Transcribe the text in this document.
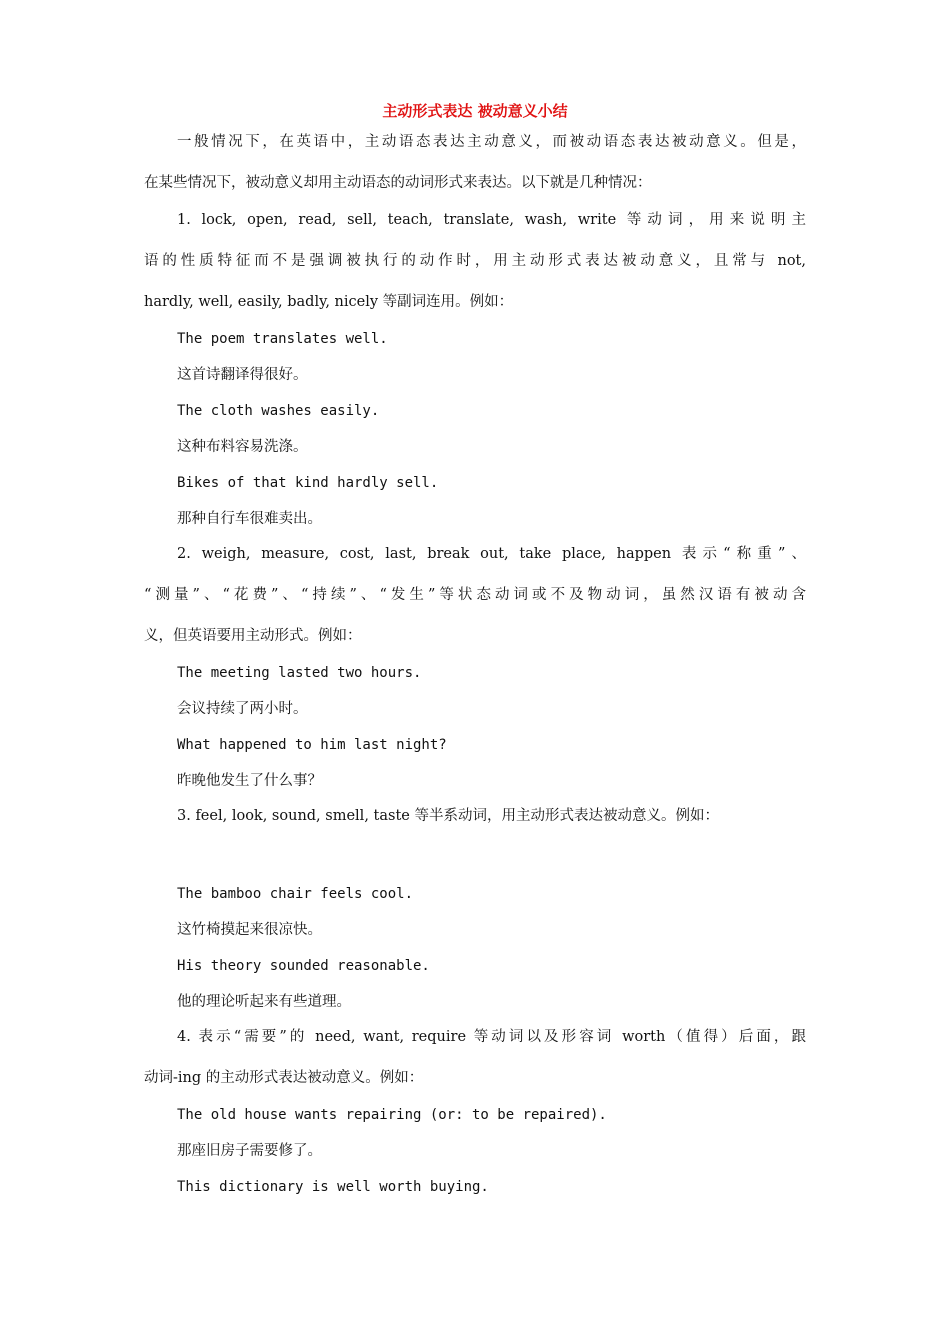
主动形式表达 被动意义小结
一般情况下，在英语中，主动语态表达主动意义，而被动语态表达被动意义。但是，
在某些情况下，被动意义却用主动语态的动词形式来表达。以下就是几种情况：
1. lock, open, read, sell, teach, translate, wash, write 等动词，用来说明主
语的性质特征而不是强调被执行的动作时，用主动形式表达被动意义，且常与 not,
hardly, well, easily, badly, nicely 等副词连用。例如：
The poem translates well.
这首诗翻译得很好。
The cloth washes easily.
这种布料容易洗涤。
Bikes of that kind hardly sell.
那种自行车很难卖出。
2. weigh, measure, cost, last, break out, take place, happen 表示“称重”、
“测量”、“花费”、“持续”、“发生”等状态动词或不及物动词，虽然汉语有被动含
义，但英语要用主动形式。例如：
The meeting lasted two hours.
会议持续了两小时。
What happened to him last night?
昨晚他发生了什么事？
3. feel, look, sound, smell, taste 等半系动词，用主动形式表达被动意义。例如：
The bamboo chair feels cool.
这竹椅摸起来很凉快。
His theory sounded reasonable.
他的理论听起来有些道理。
4. 表示“需要”的 need, want, require 等动词以及形容词 worth（值得）后面，跟
动词-ing 的主动形式表达被动意义。例如：
The old house wants repairing (or: to be repaired).
那座旧房子需要修了。
This dictionary is well worth buying.
